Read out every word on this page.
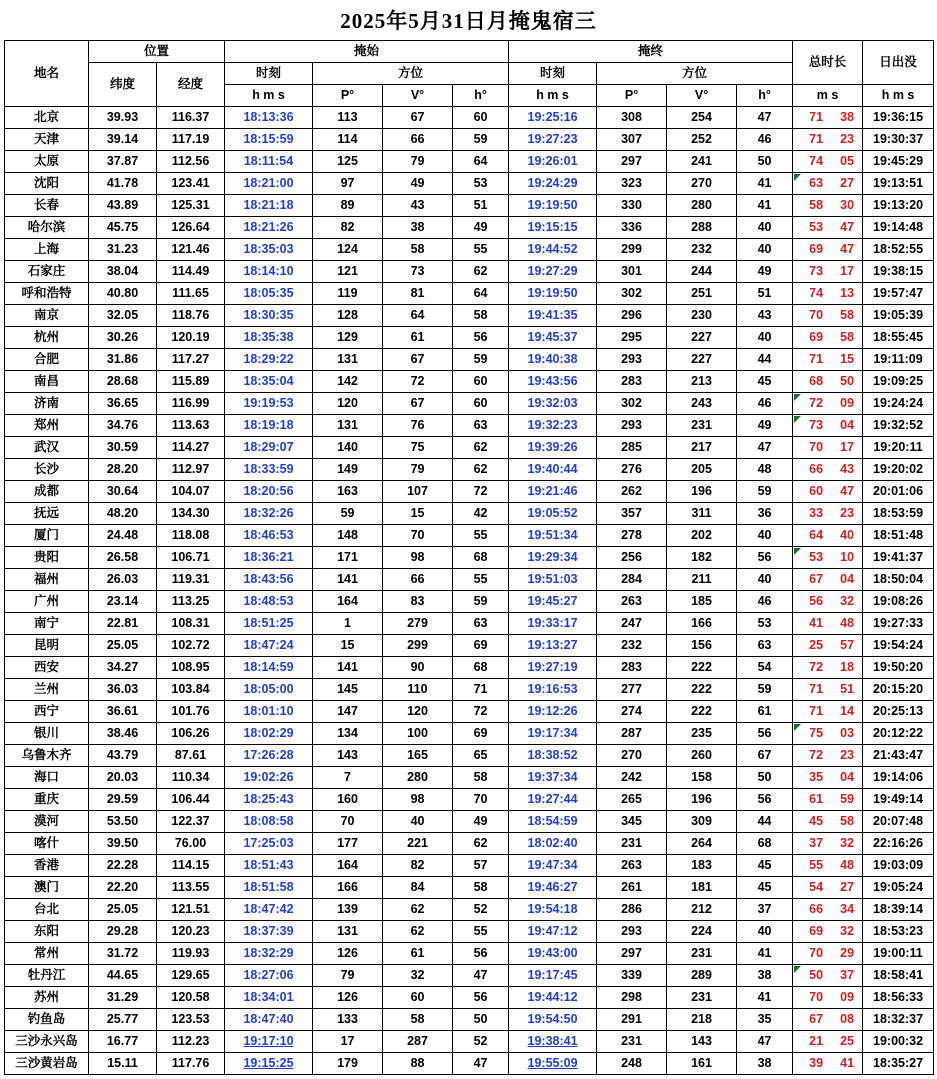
2025年5月31日月掩鬼宿三
地名	位置		掩始				掩终				总时长	日出没
	纬度	经度	时刻	方位			时刻	方位				
			h m s	P°	V°	h°	h m s	P°	V°	h°	m s	h m s
北京	39.93	116.37	18:13:36	113	67	60	19:25:16	308	254	47	71 38	19:36:15
天津	39.14	117.19	18:15:59	114	66	59	19:27:23	307	252	46	71 23	19:30:37
太原	37.87	112.56	18:11:54	125	79	64	19:26:01	297	241	50	74 05	19:45:29
沈阳	41.78	123.41	18:21:00	97	49	53	19:24:29	323	270	41	63 27	19:13:51
长春	43.89	125.31	18:21:18	89	43	51	19:19:50	330	280	41	58 30	19:13:20
哈尔滨	45.75	126.64	18:21:26	82	38	49	19:15:15	336	288	40	53 47	19:14:48
上海	31.23	121.46	18:35:03	124	58	55	19:44:52	299	232	40	69 47	18:52:55
石家庄	38.04	114.49	18:14:10	121	73	62	19:27:29	301	244	49	73 17	19:38:15
呼和浩特	40.80	111.65	18:05:35	119	81	64	19:19:50	302	251	51	74 13	19:57:47
南京	32.05	118.76	18:30:35	128	64	58	19:41:35	296	230	43	70 58	19:05:39
杭州	30.26	120.19	18:35:38	129	61	56	19:45:37	295	227	40	69 58	18:55:45
合肥	31.86	117.27	18:29:22	131	67	59	19:40:38	293	227	44	71 15	19:11:09
南昌	28.68	115.89	18:35:04	142	72	60	19:43:56	283	213	45	68 50	19:09:25
济南	36.65	116.99	19:19:53	120	67	60	19:32:03	302	243	46	72 09	19:24:24
郑州	34.76	113.63	18:19:18	131	76	63	19:32:23	293	231	49	73 04	19:32:52
武汉	30.59	114.27	18:29:07	140	75	62	19:39:26	285	217	47	70 17	19:20:11
长沙	28.20	112.97	18:33:59	149	79	62	19:40:44	276	205	48	66 43	19:20:02
成都	30.64	104.07	18:20:56	163	107	72	19:21:46	262	196	59	60 47	20:01:06
抚远	48.20	134.30	18:32:26	59	15	42	19:05:52	357	311	36	33 23	18:53:59
厦门	24.48	118.08	18:46:53	148	70	55	19:51:34	278	202	40	64 40	18:51:48
贵阳	26.58	106.71	18:36:21	171	98	68	19:29:34	256	182	56	53 10	19:41:37
福州	26.03	119.31	18:43:56	141	66	55	19:51:03	284	211	40	67 04	18:50:04
广州	23.14	113.25	18:48:53	164	83	59	19:45:27	263	185	46	56 32	19:08:26
南宁	22.81	108.31	18:51:25	1	279	63	19:33:17	247	166	53	41 48	19:27:33
昆明	25.05	102.72	18:47:24	15	299	69	19:13:27	232	156	63	25 57	19:54:24
西安	34.27	108.95	18:14:59	141	90	68	19:27:19	283	222	54	72 18	19:50:20
兰州	36.03	103.84	18:05:00	145	110	71	19:16:53	277	222	59	71 51	20:15:20
西宁	36.61	101.76	18:01:10	147	120	72	19:12:26	274	222	61	71 14	20:25:13
银川	38.46	106.26	18:02:29	134	100	69	19:17:34	287	235	56	75 03	20:12:22
乌鲁木齐	43.79	87.61	17:26:28	143	165	65	18:38:52	270	260	67	72 23	21:43:47
海口	20.03	110.34	19:02:26	7	280	58	19:37:34	242	158	50	35 04	19:14:06
重庆	29.59	106.44	18:25:43	160	98	70	19:27:44	265	196	56	61 59	19:49:14
漠河	53.50	122.37	18:08:58	70	40	49	18:54:59	345	309	44	45 58	20:07:48
喀什	39.50	76.00	17:25:03	177	221	62	18:02:40	231	264	68	37 32	22:16:26
香港	22.28	114.15	18:51:43	164	82	57	19:47:34	263	183	45	55 48	19:03:09
澳门	22.20	113.55	18:51:58	166	84	58	19:46:27	261	181	45	54 27	19:05:24
台北	25.05	121.51	18:47:42	139	62	52	19:54:18	286	212	37	66 34	18:39:14
东阳	29.28	120.23	18:37:39	131	62	55	19:47:12	293	224	40	69 32	18:53:23
常州	31.72	119.93	18:32:29	126	61	56	19:43:00	297	231	41	70 29	19:00:11
牡丹江	44.65	129.65	18:27:06	79	32	47	19:17:45	339	289	38	50 37	18:58:41
苏州	31.29	120.58	18:34:01	126	60	56	19:44:12	298	231	41	70 09	18:56:33
钓鱼岛	25.77	123.53	18:47:40	133	58	50	19:54:50	291	218	35	67 08	18:32:37
三沙永兴岛	16.77	112.23	19:17:10	17	287	52	19:38:41	231	143	47	21 25	19:00:32
三沙黄岩岛	15.11	117.76	19:15:25	179	88	47	19:55:09	248	161	38	39 41	18:35:27
